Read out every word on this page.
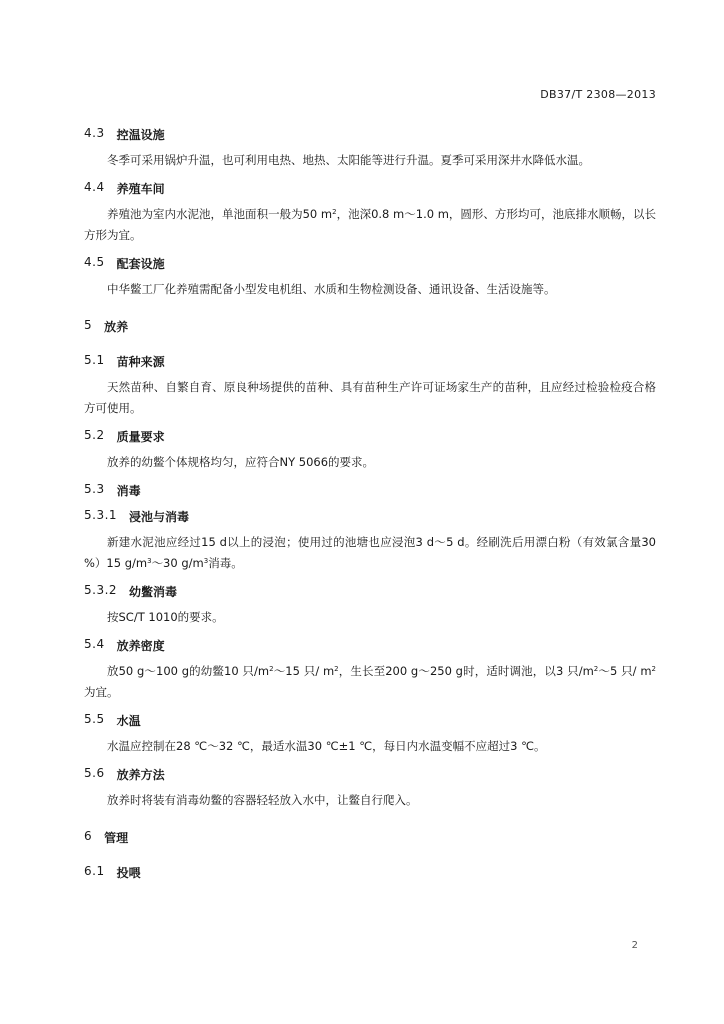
DB37/T 2308—2013
4.3 控温设施

冬季可采用锅炉升温，也可利用电热、地热、太阳能等进行升温。夏季可采用深井水降低水温。

4.4 养殖车间

养殖池为室内水泥池，单池面积一般为50 $m^2$，池深0.8 m～1.0 m，圆形、方形均可，池底排水顺畅，以长方形为宜。

4.5 配套设施

中华鳖工厂化养殖需配备小型发电机组、水质和生物检测设备、通讯设备、生活设施等。

5 放养
5.1 苗种来源

天然苗种、自繁自育、原良种场提供的苗种、具有苗种生产许可证场家生产的苗种，且应经过检验检疫合格方可使用。

5.2 质量要求

放养的幼鳖个体规格均匀，应符合NY 5066的要求。

5.3 消毒
5.3.1 浸池与消毒

新建水泥池应经过15 d以上的浸泡；使用过的池塘也应浸泡3 d～5 d。经刷洗后用漂白粉（有效氯含量30 %）15 $g/m^3\sim 30$ $g/m^3$消毒。

5.3.2 幼鳖消毒

按SC/T 1010的要求。

5.4 放养密度

放50 g～100 g的幼鳖10 只$/m^2\sim 15$ 只/ $m^2$，生长至200 g～250 g时，适时调池，以3 只$/m^2\sim 5$ 只/ $m^2$为宜。

5.5 水温

水温应控制在28 ℃～32 ℃，最适水温30 ℃±1 ℃，每日内水温变幅不应超过3 ℃。

5.6 放养方法

放养时将装有消毒幼鳖的容器轻轻放入水中，让鳖自行爬入。

6 管理
6.1 投喂
2
